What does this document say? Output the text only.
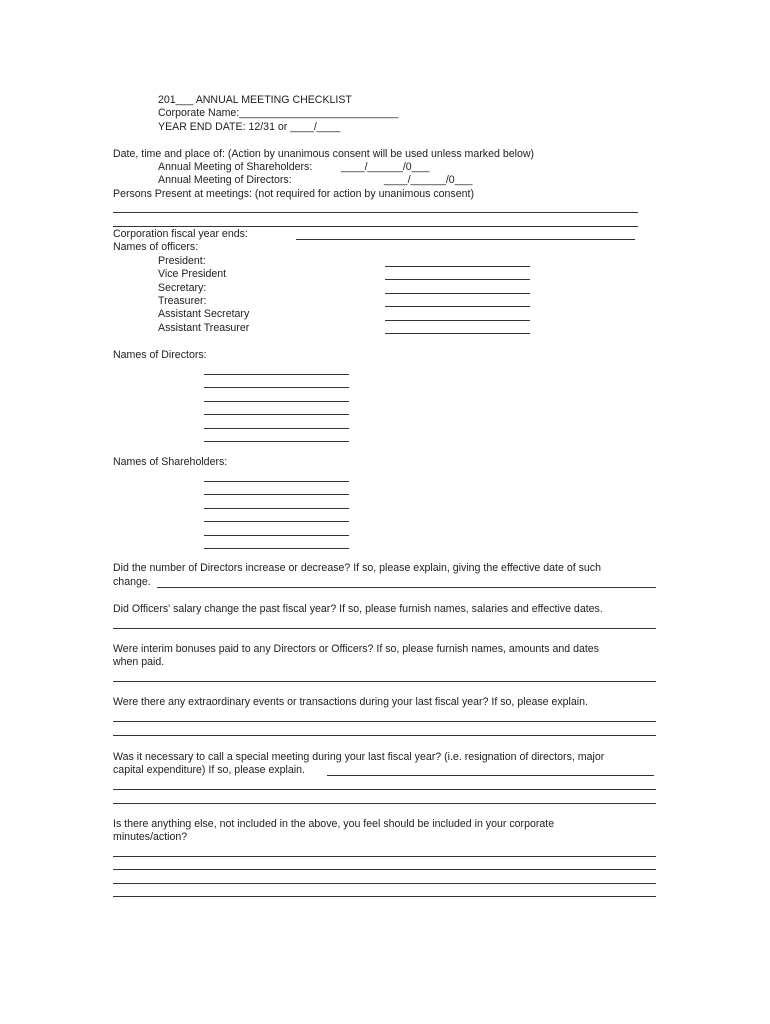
201___ ANNUAL MEETING CHECKLIST
Corporate Name:___________________________
YEAR END DATE: 12/31 or ____/____
Date, time and place of: (Action by unanimous consent will be used unless marked below)
Annual Meeting of Shareholders:	____/______/0___
Annual Meeting of Directors:	____/______/0___
Persons Present at meetings: (not required for action by unanimous consent)
Corporation fiscal year ends:
Names of officers:
President:
Vice President
Secretary:
Treasurer:
Assistant Secretary
Assistant Treasurer
Names of Directors:
Names of Shareholders:
Did the number of Directors increase or decrease? If so, please explain, giving the effective date of such
change.
Did Officers' salary change the past fiscal year? If so, please furnish names, salaries and effective dates.
Were interim bonuses paid to any Directors or Officers? If so, please furnish names, amounts and dates
when paid.
Were there any extraordinary events or transactions during your last fiscal year? If so, please explain.
Was it necessary to call a special meeting during your last fiscal year? (i.e. resignation of directors, major
capital expenditure) If so, please explain.
Is there anything else, not included in the above, you feel should be included in your corporate
minutes/action?
